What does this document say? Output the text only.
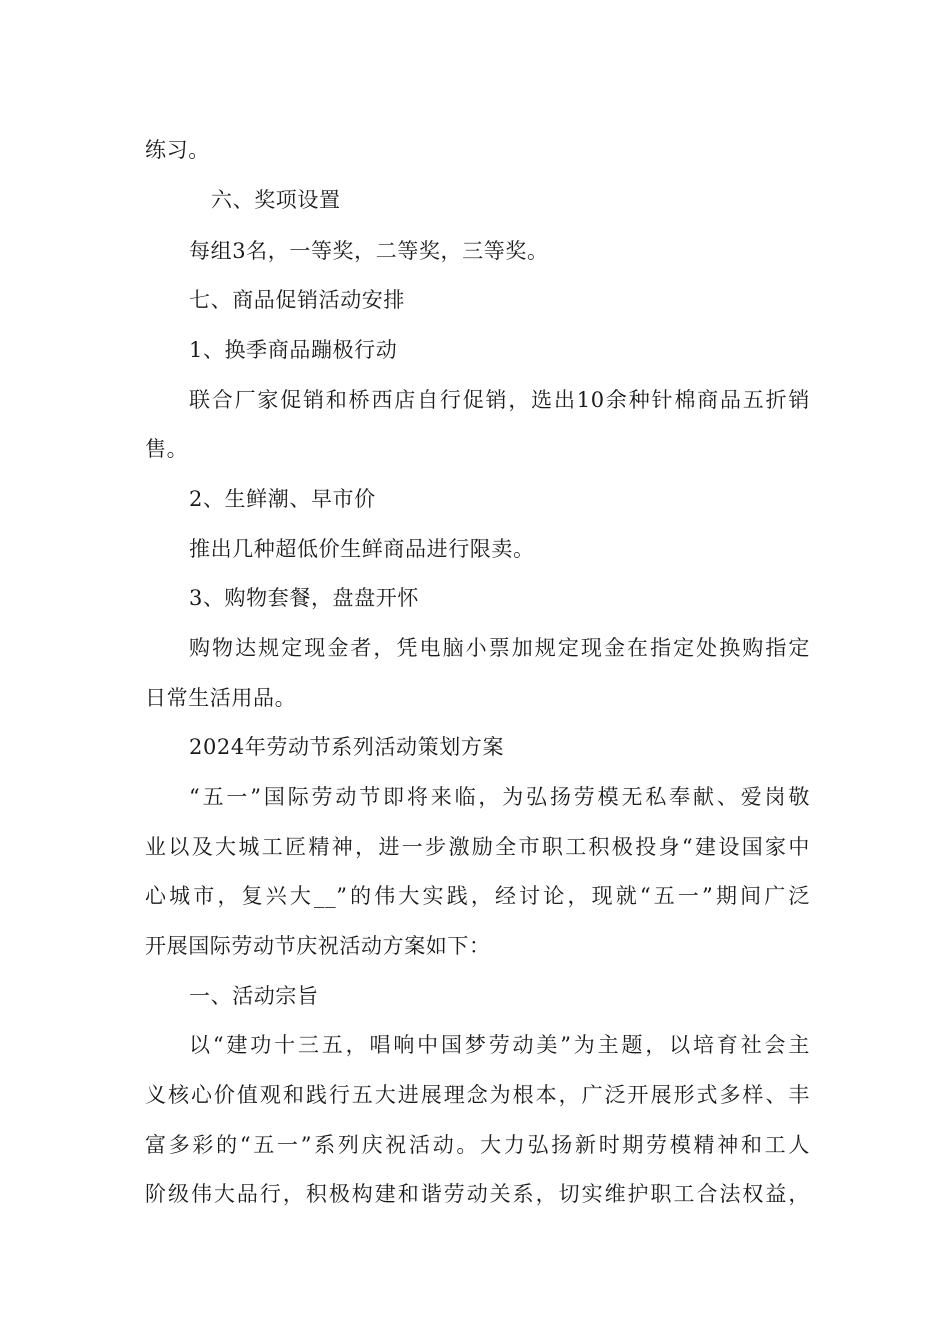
练习。
六、奖项设置
每组3名，一等奖，二等奖，三等奖。
七、商品促销活动安排
1、换季商品蹦极行动
联合厂家促销和桥西店自行促销，选出10余种针棉商品五折销
售。
2、生鲜潮、早市价
推出几种超低价生鲜商品进行限卖。
3、购物套餐，盘盘开怀
购物达规定现金者，凭电脑小票加规定现金在指定处换购指定
日常生活用品。
2024年劳动节系列活动策划方案
“五一”国际劳动节即将来临，为弘扬劳模无私奉献、爱岗敬
业以及大城工匠精神，进一步激励全市职工积极投身“建设国家中
心城市，复兴大__”的伟大实践，经讨论，现就“五一”期间广泛
开展国际劳动节庆祝活动方案如下：
一、活动宗旨
以“建功十三五，唱响中国梦劳动美”为主题，以培育社会主
义核心价值观和践行五大进展理念为根本，广泛开展形式多样、丰
富多彩的“五一”系列庆祝活动。大力弘扬新时期劳模精神和工人
阶级伟大品行，积极构建和谐劳动关系，切实维护职工合法权益，
